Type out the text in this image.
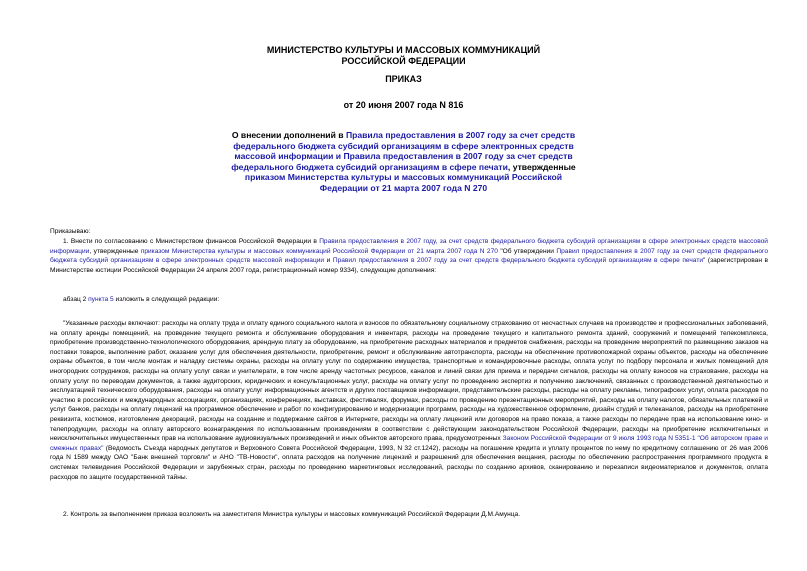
МИНИСТЕРСТВО КУЛЬТУРЫ И МАССОВЫХ КОММУНИКАЦИЙ
РОССИЙСКОЙ ФЕДЕРАЦИИ
ПРИКАЗ
от 20 июня 2007 года N 816
О внесении дополнений в Правила предоставления в 2007 году за счет средств федерального бюджета субсидий организациям в сфере электронных средств массовой информации и Правила предоставления в 2007 году за счет средств федерального бюджета субсидий организациям в сфере печати, утвержденные приказом Министерства культуры и массовых коммуникаций Российской Федерации от 21 марта 2007 года N 270
Приказываю:
1. Внести по согласованию с Министерством финансов Российской Федерации в Правила предоставления в 2007 году, за счет средств федерального бюджета субсидий организациям в сфере электронных средств массовой информации, утвержденные приказом Министерства культуры и массовых коммуникаций Российской Федерации от 21 марта 2007 года N 270 "Об утверждении Правил предоставления в 2007 году за счет средств федерального бюджета субсидий организациям в сфере электронных средств массовой информации и Правил предоставления в 2007 году за счет средств федерального бюджета субсидий организациям в сфере печати" (зарегистрирован в Министерстве юстиции Российской Федерации 24 апреля 2007 года, регистрационный номер 9334), следующие дополнения:
абзац 2 пункта 5 изложить в следующей редакции:
"Указанные расходы включают: расходы на оплату труда и оплату единого социального налога и взносов по обязательному социальному страхованию от несчастных случаев на производстве и профессиональных заболеваний, на оплату аренды помещений, на проведение текущего ремонта и обслуживание оборудования и инвентаря, расходы на проведение текущего и капитального ремонта зданий, сооружений и помещений телекомплекса, приобретение производственно-технологического оборудования, арендную плату за оборудование, на приобретение расходных материалов и предметов снабжения, расходы на проведение мероприятий по размещению заказов на поставки товаров, выполнение работ, оказание услуг для обеспечения деятельности, приобретение, ремонт и обслуживание автотранспорта, расходы на обеспечение противопожарной охраны объектов, расходы на обеспечение охраны объектов, в том числе монтаж и наладку системы охраны, расходы на оплату услуг по содержанию имущества, транспортные и командировочные расходы, оплата услуг по подбору персонала и жилых помещений для иногородних сотрудников, расходы на оплату услуг связи и унителерати, в том числе аренду частотных ресурсов, каналов и линий связи для приема и передачи сигналов, расходы на оплату взносов на страхование, расходы на оплату услуг по переводам документов, а также аудиторских, юридических и консультационных услуг, расходы на оплату услуг по проведению экспертиз и получению заключений, связанных с производственной деятельностью и эксплуатацией технического оборудования, расходы на оплату услуг информационных агентств и других поставщиков информации, представительские расходы, расходы на оплату рекламы, типографских услуг, оплата расходов по участию в российских и международных ассоциациях, организациях, конференциях, выставках, фестивалях, форумах, расходы по проведению презентационных мероприятий, расходы на оплату налогов, обязательных платежей и услуг банков, расходы на оплату лицензий на программное обеспечение и работ по конфигурированию и модернизации программ, расходы на художественное оформление, дизайн студий и телеканалов, расходы на приобретение реквизита, костюмов, изготовление декораций, расходы на создание и поддержание сайтов в Интернете, расходы на оплату лицензий или договоров на право показа, а также расходы по передаче прав на использование кино- и телепродукции, расходы на оплату авторского вознаграждения по использованным произведениям в соответствии с действующим законодательством Российской Федерации, расходы на приобретение исключительных и неисключительных имущественных прав на использование аудиовизуальных произведений и иных объектов авторского права, предусмотренных Законом Российской Федерации от 9 июля 1993 года N 5351-1 "Об авторском праве и смежных правах" (Ведомость Съезда народных депутатов и Верховного Совета Российской Федерации, 1993, N 32 ст.1242), расходы на погашение кредита и уплату процентов по нему по кредитному соглашению от 26 мая 2006 года N 1589 между ОАО "Банк внешней торговли" и АНО "ТВ-Новости", оплата расходов на получение лицензий и разрешений для обеспечения вещания, расходы по обеспечению распространения программного продукта в системах телевидения Российской Федерации и зарубежных стран, расходы по проведению маркетинговых исследований, расходы по созданию архивов, сканированию и перезаписи видеоматериалов и документов, оплата расходов по защите государственной тайны.
2. Контроль за выполнением приказа возложить на заместителя Министра культуры и массовых коммуникаций Российской Федерации Д.М.Амунца.
